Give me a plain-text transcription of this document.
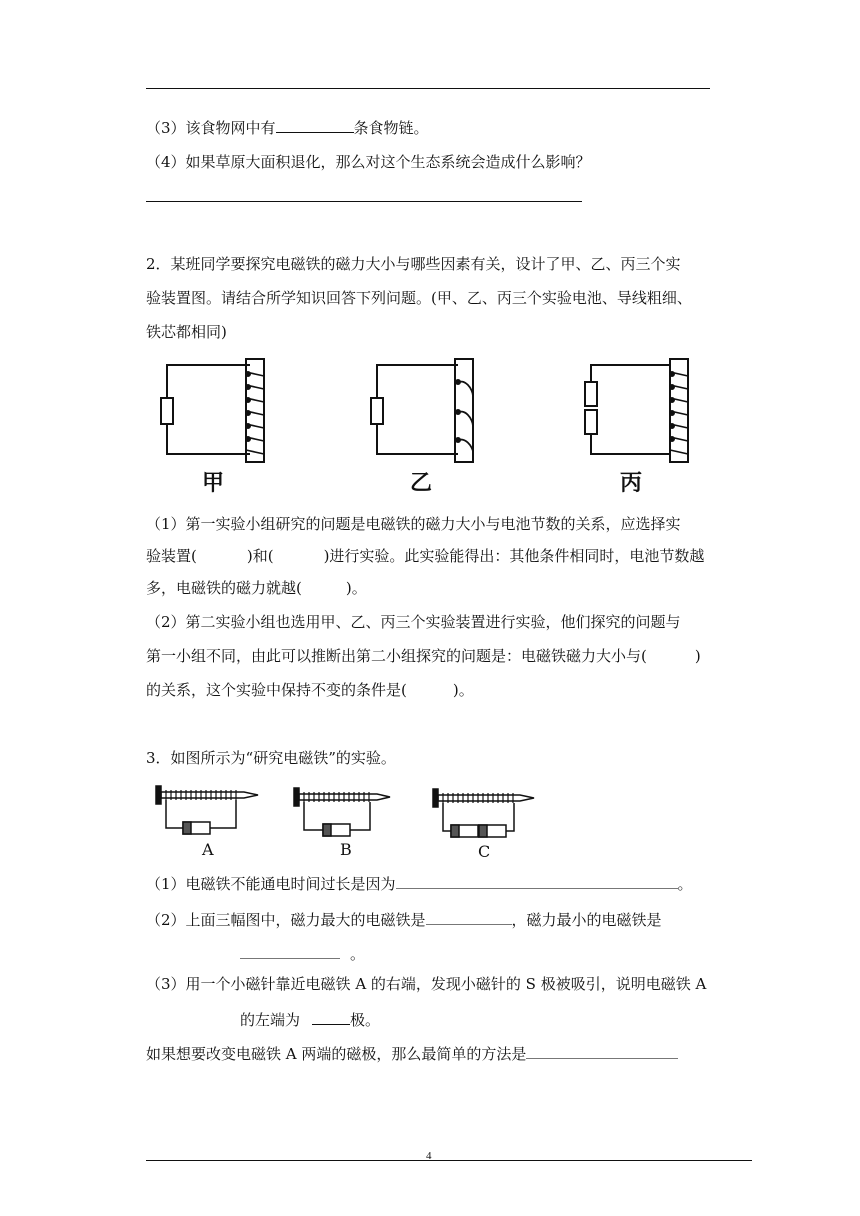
（3）该食物网中有	条食物链。
（4）如果草原大面积退化，那么对这个生态系统会造成什么影响？
2．某班同学要探究电磁铁的磁力大小与哪些因素有关，设计了甲、乙、丙三个实
验装置图。请结合所学知识回答下列问题。(甲、乙、丙三个实验电池、导线粗细、
铁芯都相同)
甲	乙	丙
（1）第一实验小组研究的问题是电磁铁的磁力大小与电池节数的关系，应选择实
验装置(	)和(	)进行实验。此实验能得出：其他条件相同时，电池节数越
多，电磁铁的磁力就越(	)。
（2）第二实验小组也选用甲、乙、丙三个实验装置进行实验，他们探究的问题与
第一小组不同，由此可以推断出第二小组探究的问题是：电磁铁磁力大小与(	)
的关系，这个实验中保持不变的条件是(	)。
3．如图所示为“研究电磁铁”的实验。
A	B	C
（1）电磁铁不能通电时间过长是因为	。
（2）上面三幅图中，磁力最大的电磁铁是	，磁力最小的电磁铁是
。
（3）用一个小磁针靠近电磁铁 A 的右端，发现小磁针的 S 极被吸引，说明电磁铁 A
的左端为	极。
如果想要改变电磁铁 A 两端的磁极，那么最简单的方法是
4
